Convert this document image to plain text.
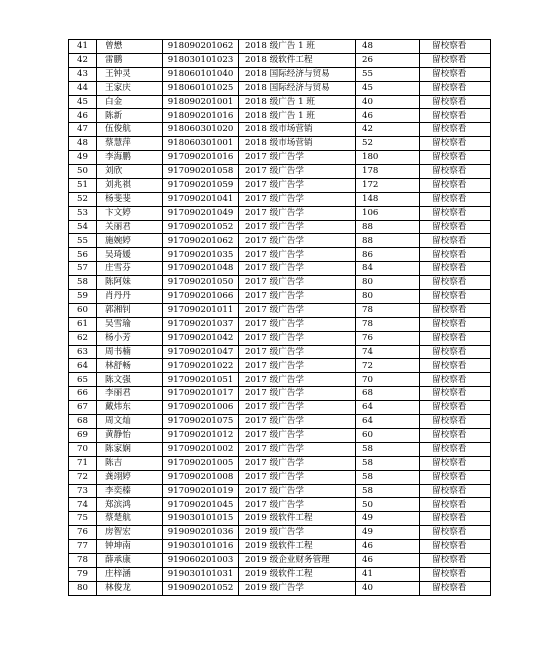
41	曾懋	918090201062	2018 级广告 1 班	48	留校察看
42	雷鹏	918030101023	2018 级软件工程	26	留校察看
43	王钟灵	918060101040	2018 国际经济与贸易	55	留校察看
44	王家庆	918060101025	2018 国际经济与贸易	45	留校察看
45	白金	918090201001	2018 级广告 1 班	40	留校察看
46	陈新	918090201016	2018 级广告 1 班	46	留校察看
47	伍俊航	918060301020	2018 级市场营销	42	留校察看
48	蔡慧萍	918060301001	2018 级市场营销	52	留校察看
49	李海鹏	917090201016	2017 级广告学	180	留校察看
50	刘欣	917090201058	2017 级广告学	178	留校察看
51	刘兆祺	917090201059	2017 级广告学	172	留校察看
52	杨斐斐	917090201041	2017 级广告学	148	留校察看
53	卞文婷	917090201049	2017 级广告学	106	留校察看
54	关丽君	917090201052	2017 级广告学	88	留校察看
55	施婉婷	917090201062	2017 级广告学	88	留校察看
56	吴琦媛	917090201035	2017 级广告学	86	留校察看
57	庄雪芬	917090201048	2017 级广告学	84	留校察看
58	陈阿妹	917090201050	2017 级广告学	80	留校察看
59	肖丹丹	917090201066	2017 级广告学	80	留校察看
60	郭湘钊	917090201011	2017 级广告学	78	留校察看
61	吴雪瑜	917090201037	2017 级广告学	78	留校察看
62	杨小芳	917090201042	2017 级广告学	76	留校察看
63	周书楠	917090201047	2017 级广告学	74	留校察看
64	林舒畅	917090201022	2017 级广告学	72	留校察看
65	陈文强	917090201051	2017 级广告学	70	留校察看
66	李丽君	917090201017	2017 级广告学	68	留校察看
67	戴炜东	917090201006	2017 级广告学	64	留校察看
68	周文灿	917090201075	2017 级广告学	64	留校察看
69	黄静怡	917090201012	2017 级广告学	60	留校察看
70	陈家娴	917090201002	2017 级广告学	58	留校察看
71	陈吉	917090201005	2017 级广告学	58	留校察看
72	龚翊婷	917090201008	2017 级广告学	58	留校察看
73	李奕榛	917090201019	2017 级广告学	58	留校察看
74	郑滨鸿	917090201045	2017 级广告学	50	留校察看
75	蔡楚航	919030101015	2019 级软件工程	49	留校察看
76	房智宏	919090201036	2019 级广告学	49	留校察看
77	钟坤南	919030101016	2019 级软件工程	46	留校察看
78	薛承康	919060201003	2019 级企业财务管理	46	留校察看
79	庄梓涵	919030101031	2019 级软件工程	41	留校察看
80	林俊龙	919090201052	2019 级广告学	40	留校察看
